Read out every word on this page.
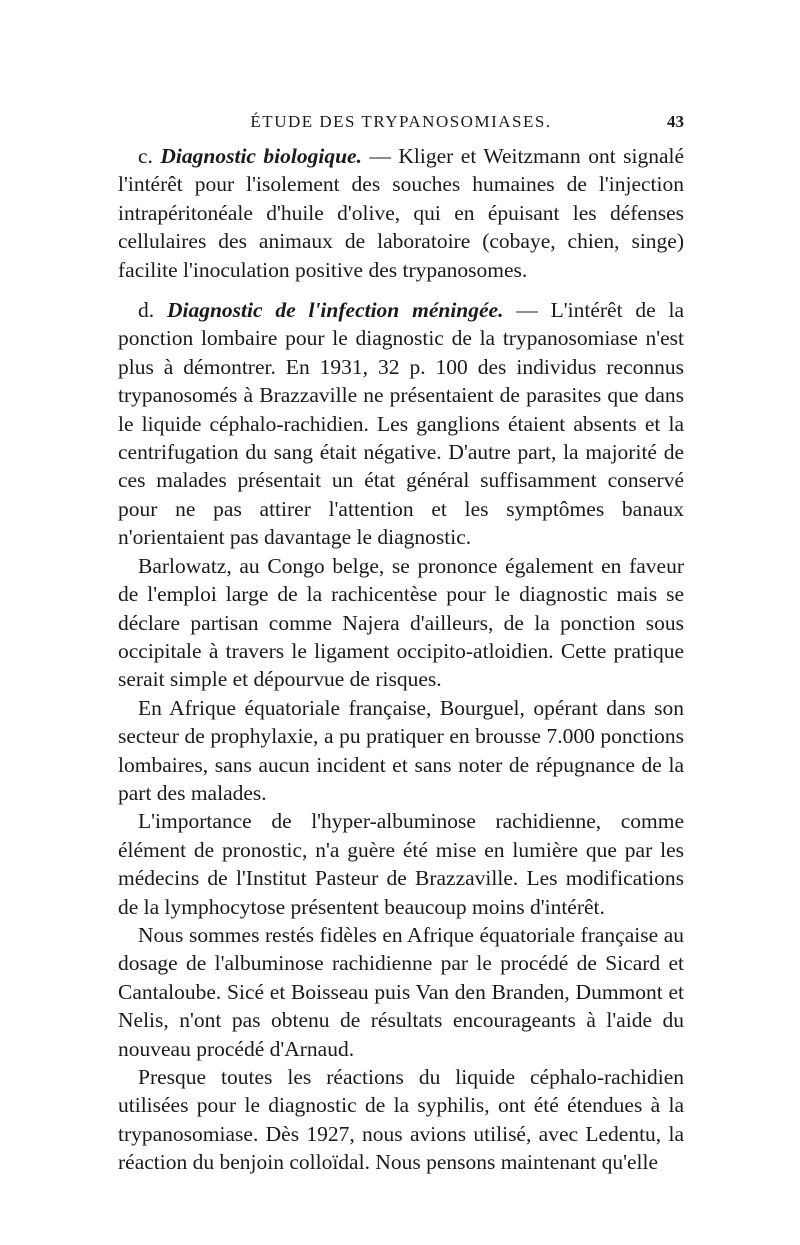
ÉTUDE DES TRYPANOSOMIASES.	43

c. Diagnostic biologique. — Kliger et Weitzmann ont signalé l'intérêt pour l'isolement des souches humaines de l'injection intrapéritonéale d'huile d'olive, qui en épuisant les défenses cellulaires des animaux de laboratoire (cobaye, chien, singe) facilite l'inoculation positive des trypanosomes.

d. Diagnostic de l'infection méningée. — L'intérêt de la ponction lombaire pour le diagnostic de la trypanosomiase n'est plus à démontrer. En 1931, 32 p. 100 des individus reconnus trypanosomés à Brazzaville ne présentaient de parasites que dans le liquide céphalo-rachidien. Les ganglions étaient absents et la centrifugation du sang était négative. D'autre part, la majorité de ces malades présentait un état général suffisamment conservé pour ne pas attirer l'attention et les symptômes banaux n'orientaient pas davantage le diagnostic.

Barlowatz, au Congo belge, se prononce également en faveur de l'emploi large de la rachicentèse pour le diagnostic mais se déclare partisan comme Najera d'ailleurs, de la ponction sous occipitale à travers le ligament occipito-atloidien. Cette pratique serait simple et dépourvue de risques.

En Afrique équatoriale française, Bourguel, opérant dans son secteur de prophylaxie, a pu pratiquer en brousse 7.000 ponctions lombaires, sans aucun incident et sans noter de répugnance de la part des malades.

L'importance de l'hyper-albuminose rachidienne, comme élément de pronostic, n'a guère été mise en lumière que par les médecins de l'Institut Pasteur de Brazzaville. Les modifications de la lymphocytose présentent beaucoup moins d'intérêt.

Nous sommes restés fidèles en Afrique équatoriale française au dosage de l'albuminose rachidienne par le procédé de Sicard et Cantaloube. Sicé et Boisseau puis Van den Branden, Dummont et Nelis, n'ont pas obtenu de résultats encourageants à l'aide du nouveau procédé d'Arnaud.

Presque toutes les réactions du liquide céphalo-rachidien utilisées pour le diagnostic de la syphilis, ont été étendues à la trypanosomiase. Dès 1927, nous avions utilisé, avec Ledentu, la réaction du benjoin colloïdal. Nous pensons maintenant qu'elle
